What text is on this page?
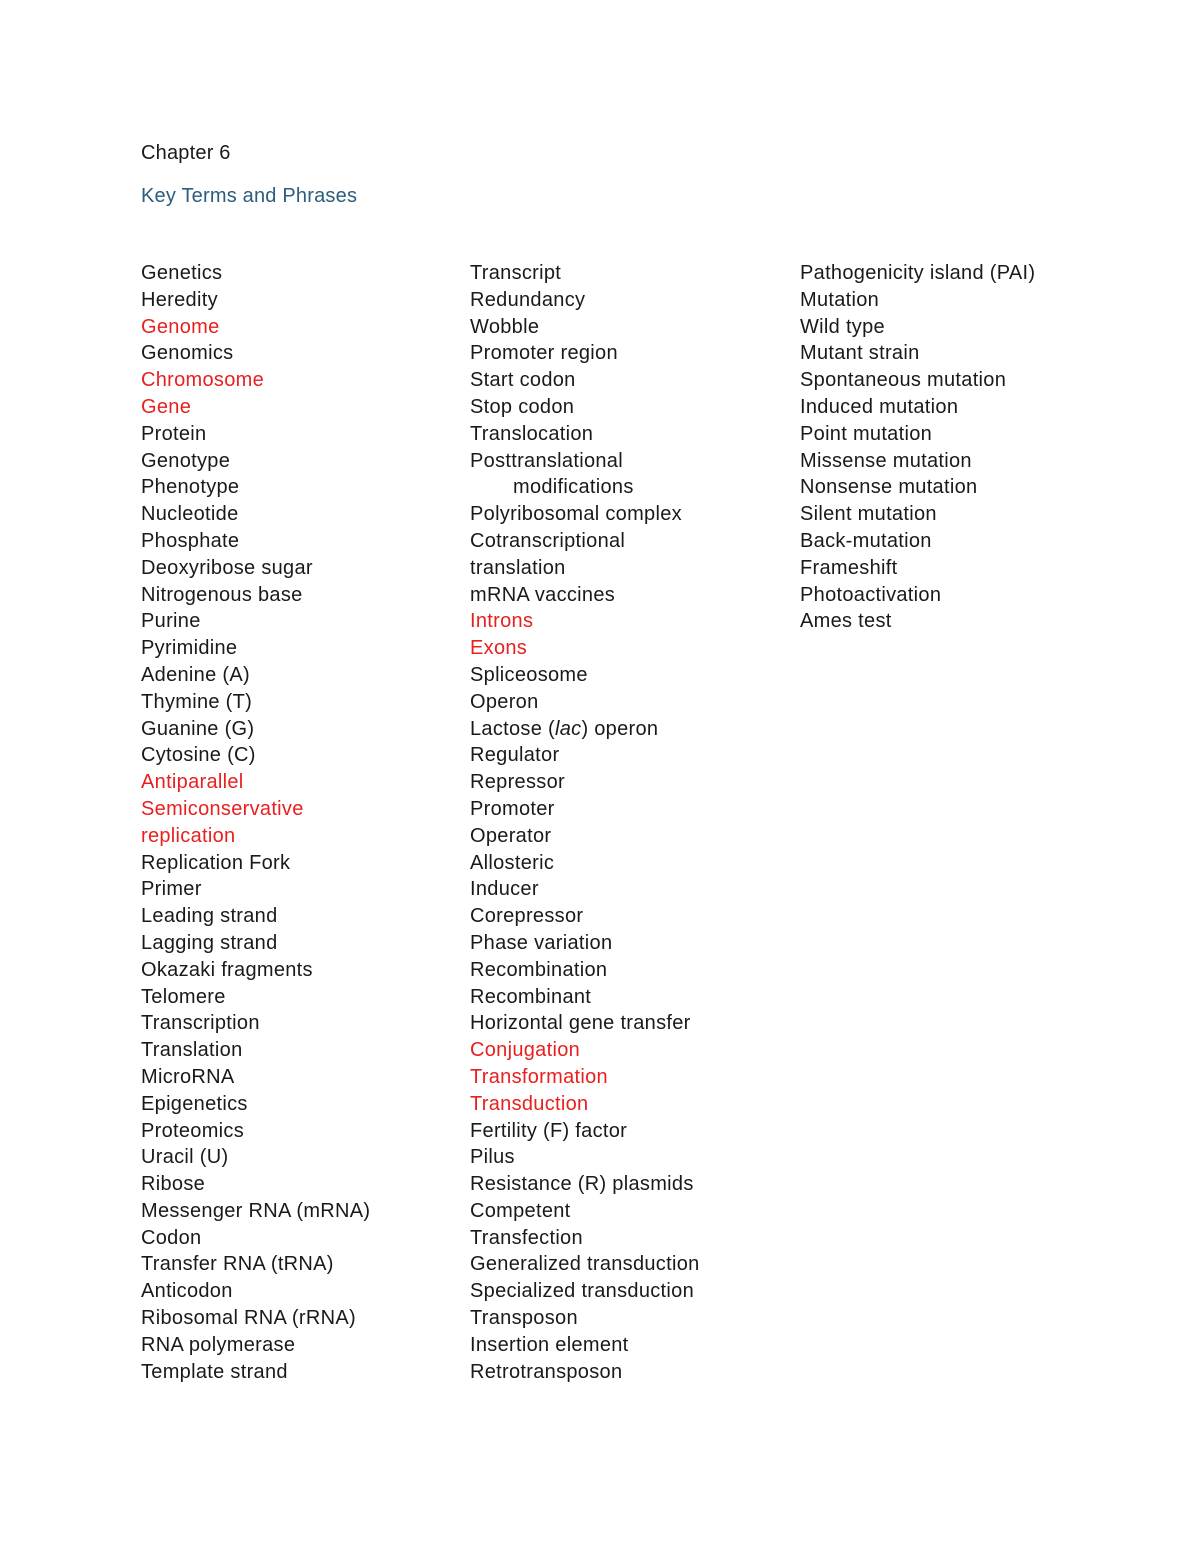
Chapter 6
Key Terms and Phrases
Genetics
Heredity
Genome
Genomics
Chromosome
Gene
Protein
Genotype
Phenotype
Nucleotide
Phosphate
Deoxyribose sugar
Nitrogenous base
Purine
Pyrimidine
Adenine (A)
Thymine (T)
Guanine (G)
Cytosine (C)
Antiparallel
Semiconservative
replication
Replication Fork
Primer
Leading strand
Lagging strand
Okazaki fragments
Telomere
Transcription
Translation
MicroRNA
Epigenetics
Proteomics
Uracil (U)
Ribose
Messenger RNA (mRNA)
Codon
Transfer RNA (tRNA)
Anticodon
Ribosomal RNA (rRNA)
RNA polymerase
Template strand
Transcript
Redundancy
Wobble
Promoter region
Start codon
Stop codon
Translocation
Posttranslational
modifications
Polyribosomal complex
Cotranscriptional
translation
mRNA vaccines
Introns
Exons
Spliceosome
Operon
Lactose (lac) operon
Regulator
Repressor
Promoter
Operator
Allosteric
Inducer
Corepressor
Phase variation
Recombination
Recombinant
Horizontal gene transfer
Conjugation
Transformation
Transduction
Fertility (F) factor
Pilus
Resistance (R) plasmids
Competent
Transfection
Generalized transduction
Specialized transduction
Transposon
Insertion element
Retrotransposon
Pathogenicity island (PAI)
Mutation
Wild type
Mutant strain
Spontaneous mutation
Induced mutation
Point mutation
Missense mutation
Nonsense mutation
Silent mutation
Back-mutation
Frameshift
Photoactivation
Ames test
